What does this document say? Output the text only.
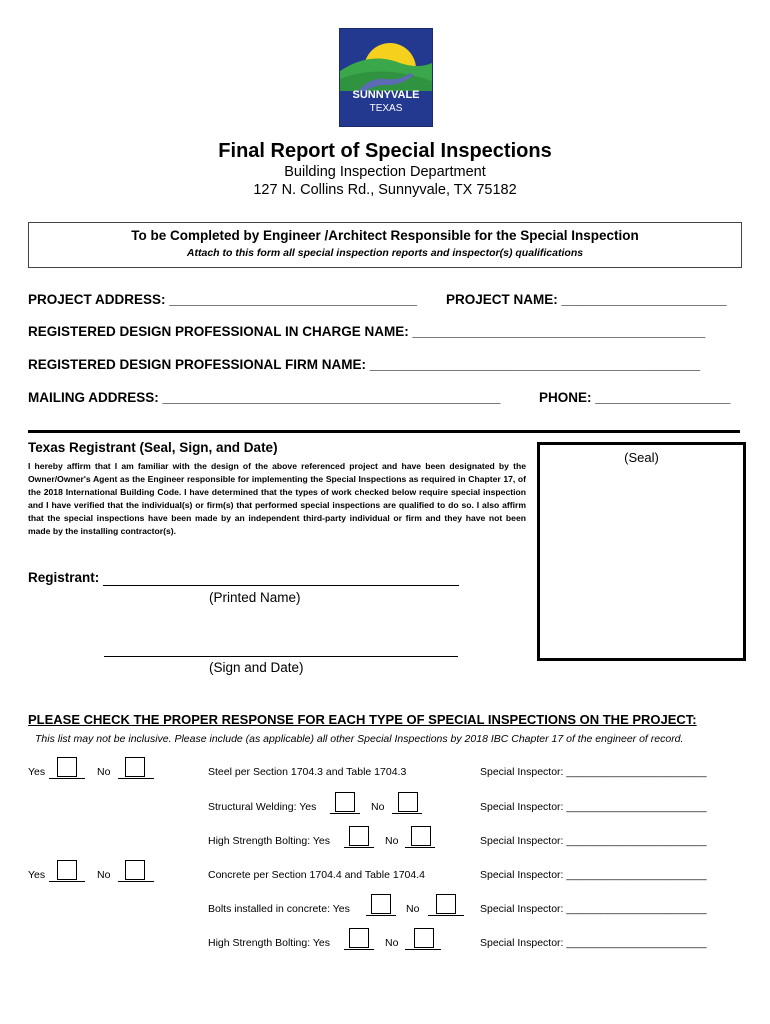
SUNNYVALE
TEXAS
Final Report of Special Inspections
Building Inspection Department
127 N. Collins Rd., Sunnyvale, TX 75182
To be Completed by Engineer /Architect Responsible for the Special Inspection
Attach to this form all special inspection reports and inspector(s) qualifications
PROJECT ADDRESS: _________________________________ PROJECT NAME: ______________________
REGISTERED DESIGN PROFESSIONAL IN CHARGE NAME: _______________________________________
REGISTERED DESIGN PROFESSIONAL FIRM NAME: ____________________________________________
MAILING ADDRESS: _____________________________________________	PHONE: __________________
Texas Registrant (Seal, Sign, and Date)
I hereby affirm that I am familiar with the design of the above referenced project and have been designated by the Owner/Owner's Agent as the Engineer responsible for implementing the Special Inspections as required in Chapter 17, of the 2018 International Building Code. I have determined that the types of work checked below require special inspection and I have verified that the individual(s) or firm(s) that performed special inspections are qualified to do so. I also affirm that the special inspections have been made by an independent third-party individual or firm and they have not been made by the installing contractor(s).
(Seal)
Registrant:
(Printed Name)
(Sign and Date)
PLEASE CHECK THE PROPER RESPONSE FOR EACH TYPE OF SPECIAL INSPECTIONS ON THE PROJECT:
This list may not be inclusive. Please include (as applicable) all other Special Inspections by 2018 IBC Chapter 17 of the engineer of record.
Yes	No	Steel per Section 1704.3 and Table 1704.3	Special Inspector: ________________________
Structural Welding: Yes	No	Special Inspector: ________________________
High Strength Bolting: Yes	No	Special Inspector: ________________________
Yes	No	Concrete per Section 1704.4 and Table 1704.4	Special Inspector: ________________________
Bolts installed in concrete: Yes	No	Special Inspector: ________________________
High Strength Bolting: Yes	No	Special Inspector: ________________________
